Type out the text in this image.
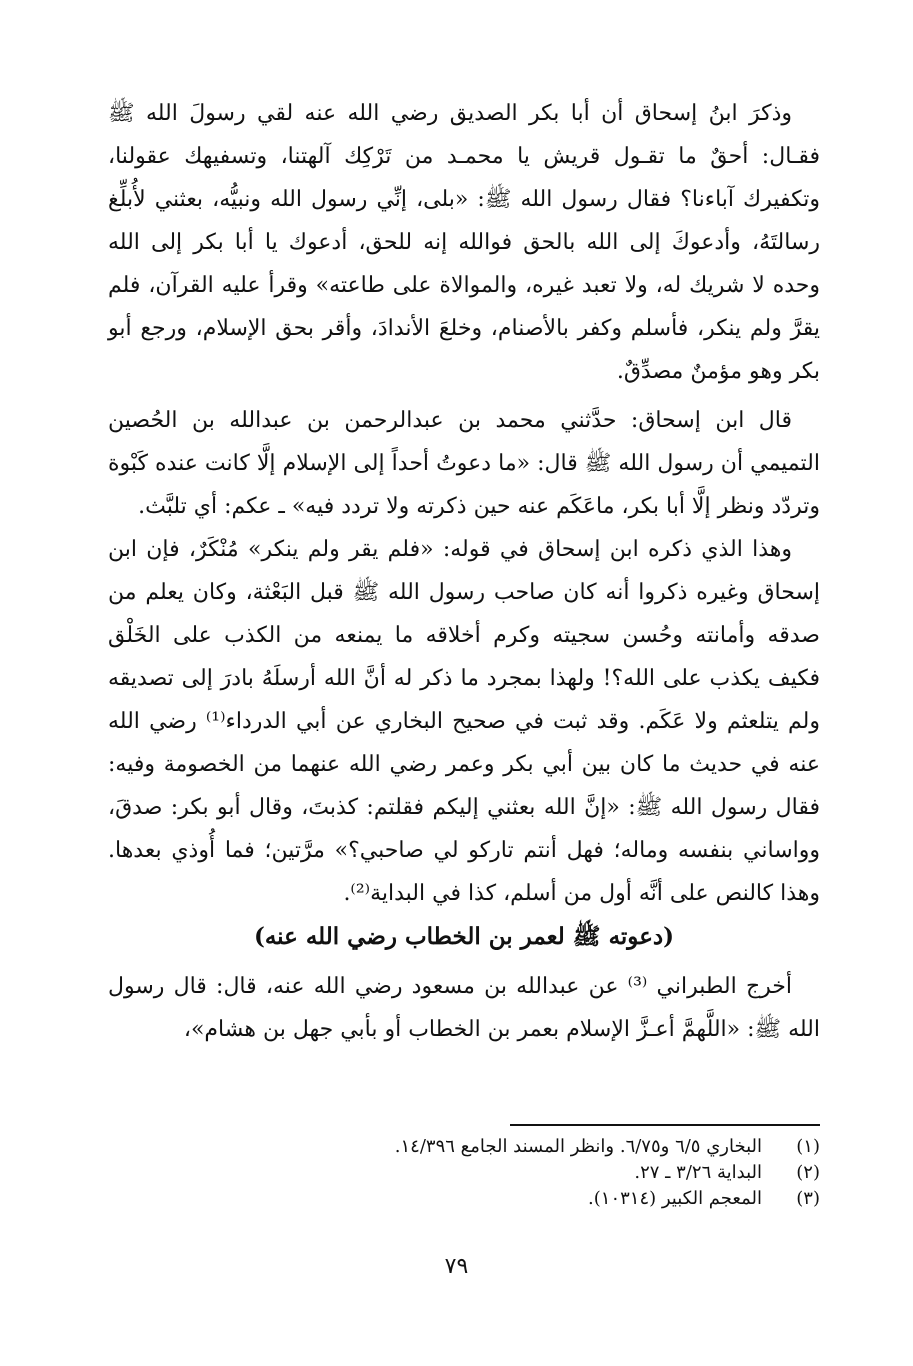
وذكرَ ابنُ إسحاق أن أبا بكر الصديق رضي الله عنه لقي رسولَ الله ﷺ فقـال: أحقٌ ما تقـول قريش يا محمـد من تَرْكِك آلهتنا، وتسفيهك عقولنا، وتكفيرك آباءنا؟ فقال رسول الله ﷺ: «بلى، إنِّي رسول الله ونبيُّه، بعثني لأُبلِّغ رسالتَهُ، وأدعوكَ إلى الله بالحق فوالله إنه للحق، أدعوك يا أبا بكر إلى الله وحده لا شريك له، ولا تعبد غيره، والموالاة على طاعته» وقرأ عليه القرآن، فلم يقرَّ ولم ينكر، فأسلم وكفر بالأصنام، وخلعَ الأندادَ، وأقر بحق الإسلام، ورجع أبو بكر وهو مؤمنٌ مصدِّقٌ.

قال ابن إسحاق: حدَّثني محمد بن عبدالرحمن بن عبدالله بن الحُصين التميمي أن رسول الله ﷺ قال: «ما دعوتُ أحداً إلى الإسلام إلَّا كانت عنده كَبْوة وتردّد ونظر إلَّا أبا بكر، ماعَكَم عنه حين ذكرته ولا تردد فيه» ـ عكم: أي تلبَّث.

وهذا الذي ذكره ابن إسحاق في قوله: «فلم يقر ولم ينكر» مُنْكَرٌ، فإن ابن إسحاق وغيره ذكروا أنه كان صاحب رسول الله ﷺ قبل البَعْثة، وكان يعلم من صدقه وأمانته وحُسن سجيته وكرم أخلاقه ما يمنعه من الكذب على الخَلْق فكيف يكذب على الله؟! ولهذا بمجرد ما ذكر له أنَّ الله أرسلَهُ بادرَ إلى تصديقه ولم يتلعثم ولا عَكَم. وقد ثبت في صحيح البخاري عن أبي الدرداء⁽¹⁾ رضي الله عنه في حديث ما كان بين أبي بكر وعمر رضي الله عنهما من الخصومة وفيه: فقال رسول الله ﷺ: «إنَّ الله بعثني إليكم فقلتم: كذبتَ، وقال أبو بكر: صدقَ، وواساني بنفسه وماله؛ فهل أنتم تاركو لي صاحبي؟» مرَّتين؛ فما أُوذي بعدها. وهذا كالنص على أنَّه أول من أسلم، كذا في البداية⁽²⁾.

(دعوته ﷺ لعمر بن الخطاب رضي الله عنه)

أخرج الطبراني ⁽³⁾ عن عبدالله بن مسعود رضي الله عنه، قال: قال رسول الله ﷺ: «اللَّهمَّ أعـزَّ الإسلام بعمر بن الخطاب أو بأبي جهل بن هشام»،

(١)
البخاري ٦/٥ و٦/٧٥. وانظر المسند الجامع ١٤/٣٩٦.
(٢)
البداية ٣/٢٦ ـ ٢٧.
(٣)
المعجم الكبير (١٠٣١٤).
٧٩
